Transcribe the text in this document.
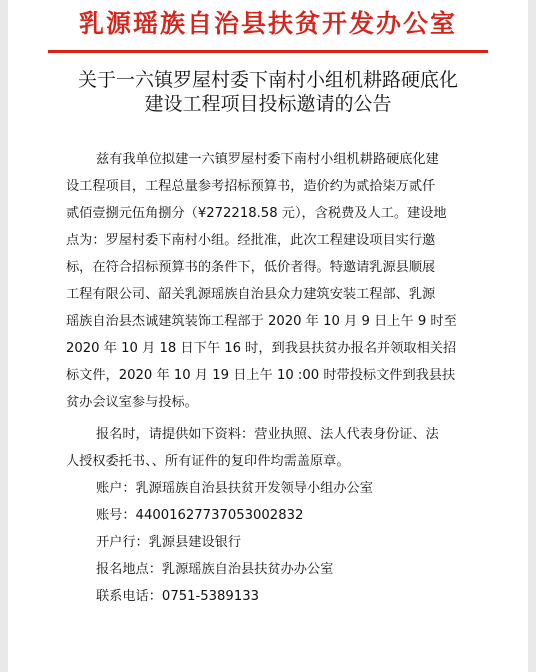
乳源瑶族自治县扶贫开发办公室
关于一六镇罗屋村委下南村小组机耕路硬底化
建设工程项目投标邀请的公告
兹有我单位拟建一六镇罗屋村委下南村小组机耕路硬底化建
设工程项目，工程总量参考招标预算书，造价约为贰拾柒万贰仟
贰佰壹捌元伍角捌分（¥272218.58 元），含税费及人工。建设地
点为：罗屋村委下南村小组。经批准，此次工程建设项目实行邀
标，在符合招标预算书的条件下，低价者得。特邀请乳源县顺展
工程有限公司、韶关乳源瑶族自治县众力建筑安装工程部、乳源
瑶族自治县杰诚建筑装饰工程部于 2020 年 10 月 9 日上午 9 时至
2020 年 10 月 18 日下午 16 时，到我县扶贫办报名并领取相关招
标文件，2020 年 10 月 19 日上午 10 :00 时带投标文件到我县扶
贫办会议室参与投标。
报名时，请提供如下资料：营业执照、法人代表身份证、法
人授权委托书、、所有证件的复印件均需盖原章。
账户：乳源瑶族自治县扶贫开发领导小组办公室
账号：44001627737053002832
开户行：乳源县建设银行
报名地点：乳源瑶族自治县扶贫办办公室
联系电话：0751-5389133
